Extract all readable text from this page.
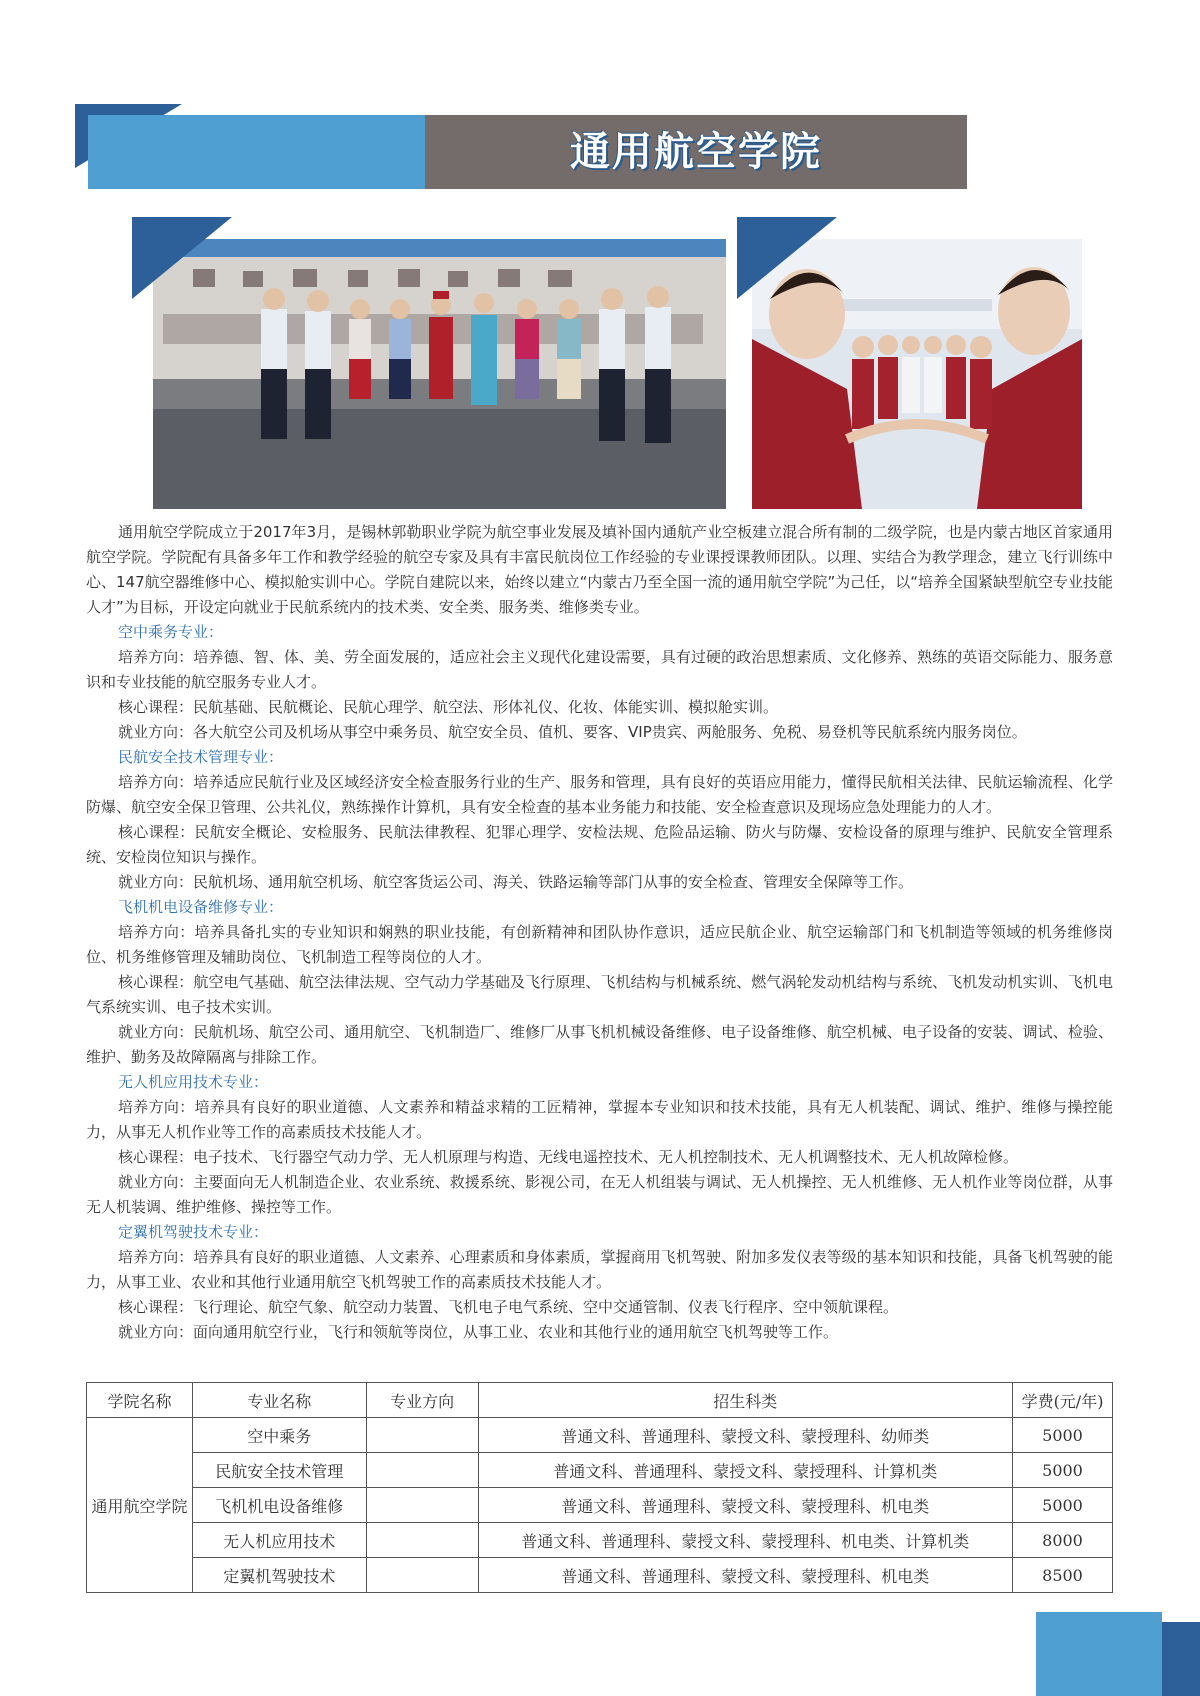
通用航空学院

通用航空学院成立于2017年3月，是锡林郭勒职业学院为航空事业发展及填补国内通航产业空板建立混合所有制的二级学院，也是内蒙古地区首家通用航空学院。学院配有具备多年工作和教学经验的航空专家及具有丰富民航岗位工作经验的专业课授课教师团队。以理、实结合为教学理念，建立飞行训练中心、147航空器维修中心、模拟舱实训中心。学院自建院以来，始终以建立“内蒙古乃至全国一流的通用航空学院”为己任，以“培养全国紧缺型航空专业技能人才”为目标，开设定向就业于民航系统内的技术类、安全类、服务类、维修类专业。

空中乘务专业：

培养方向：培养德、智、体、美、劳全面发展的，适应社会主义现代化建设需要，具有过硬的政治思想素质、文化修养、熟练的英语交际能力、服务意识和专业技能的航空服务专业人才。

核心课程：民航基础、民航概论、民航心理学、航空法、形体礼仪、化妆、体能实训、模拟舱实训。

就业方向：各大航空公司及机场从事空中乘务员、航空安全员、值机、要客、VIP贵宾、两舱服务、免税、易登机等民航系统内服务岗位。

民航安全技术管理专业：

培养方向：培养适应民航行业及区域经济安全检查服务行业的生产、服务和管理，具有良好的英语应用能力，懂得民航相关法律、民航运输流程、化学防爆、航空安全保卫管理、公共礼仪，熟练操作计算机，具有安全检查的基本业务能力和技能、安全检查意识及现场应急处理能力的人才。

核心课程：民航安全概论、安检服务、民航法律教程、犯罪心理学、安检法规、危险品运输、防火与防爆、安检设备的原理与维护、民航安全管理系统、安检岗位知识与操作。

就业方向：民航机场、通用航空机场、航空客货运公司、海关、铁路运输等部门从事的安全检查、管理安全保障等工作。

飞机机电设备维修专业：

培养方向：培养具备扎实的专业知识和娴熟的职业技能，有创新精神和团队协作意识，适应民航企业、航空运输部门和飞机制造等领域的机务维修岗位、机务维修管理及辅助岗位、飞机制造工程等岗位的人才。

核心课程：航空电气基础、航空法律法规、空气动力学基础及飞行原理、飞机结构与机械系统、燃气涡轮发动机结构与系统、飞机发动机实训、飞机电气系统实训、电子技术实训。

就业方向：民航机场、航空公司、通用航空、飞机制造厂、维修厂从事飞机机械设备维修、电子设备维修、航空机械、电子设备的安装、调试、检验、维护、勤务及故障隔离与排除工作。

无人机应用技术专业：

培养方向：培养具有良好的职业道德、人文素养和精益求精的工匠精神，掌握本专业知识和技术技能，具有无人机装配、调试、维护、维修与操控能力，从事无人机作业等工作的高素质技术技能人才。

核心课程：电子技术、飞行器空气动力学、无人机原理与构造、无线电遥控技术、无人机控制技术、无人机调整技术、无人机故障检修。

就业方向：主要面向无人机制造企业、农业系统、救援系统、影视公司，在无人机组装与调试、无人机操控、无人机维修、无人机作业等岗位群，从事无人机装调、维护维修、操控等工作。

定翼机驾驶技术专业：

培养方向：培养具有良好的职业道德、人文素养、心理素质和身体素质，掌握商用飞机驾驶、附加多发仪表等级的基本知识和技能，具备飞机驾驶的能力，从事工业、农业和其他行业通用航空飞机驾驶工作的高素质技术技能人才。

核心课程：飞行理论、航空气象、航空动力装置、飞机电子电气系统、空中交通管制、仪表飞行程序、空中领航课程。

就业方向：面向通用航空行业，飞行和领航等岗位，从事工业、农业和其他行业的通用航空飞机驾驶等工作。

学院名称	专业名称	专业方向	招生科类	学费(元/年)
通用航空学院	空中乘务		普通文科、普通理科、蒙授文科、蒙授理科、幼师类	5000
	民航安全技术管理		普通文科、普通理科、蒙授文科、蒙授理科、计算机类	5000
	飞机机电设备维修		普通文科、普通理科、蒙授文科、蒙授理科、机电类	5000
	无人机应用技术		普通文科、普通理科、蒙授文科、蒙授理科、机电类、计算机类	8000
	定翼机驾驶技术		普通文科、普通理科、蒙授文科、蒙授理科、机电类	8500
